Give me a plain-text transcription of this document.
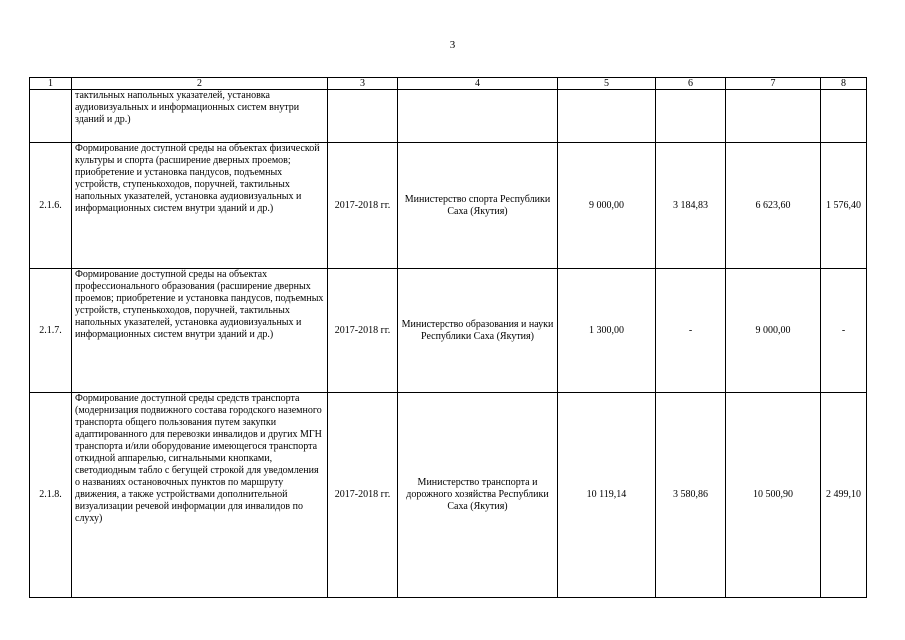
3
1	2	3	4	5	6	7	8
	тактильных напольных указателей, установка аудиовизуальных и информационных систем внутри зданий и др.)						
2.1.6.	Формирование доступной среды на объектах физической культуры и спорта (расширение дверных проемов; приобретение и установка пандусов, подъемных устройств, ступенькоходов, поручней, тактильных напольных указателей, установка аудиовизуальных и информационных систем внутри зданий и др.)	2017-2018 гг.	Министерство спорта Республики Саха (Якутия)	9 000,00	3 184,83	6 623,60	1 576,40
2.1.7.	Формирование доступной среды на объектах профессионального образования (расширение дверных проемов; приобретение и установка пандусов, подъемных устройств, ступенькоходов, поручней, тактильных напольных указателей, установка аудиовизуальных и информационных систем внутри зданий и др.)	2017-2018 гг.	Министерство образования и науки Республики Саха (Якутия)	1 300,00	-	9 000,00	-
2.1.8.	Формирование доступной среды средств транспорта (модернизация подвижного состава городского наземного транспорта общего пользования путем закупки адаптированного для перевозки инвалидов и других МГН транспорта и/или оборудование имеющегося транспорта откидной аппарелью, сигнальными кнопками, светодиодным табло с бегущей строкой для уведомления о названиях остановочных пунктов по маршруту движения, а также устройствами дополнительной визуализации речевой информации для инвалидов по слуху)	2017-2018 гг.	Министерство транспорта и дорожного хозяйства Республики Саха (Якутия)	10 119,14	3 580,86	10 500,90	2 499,10
